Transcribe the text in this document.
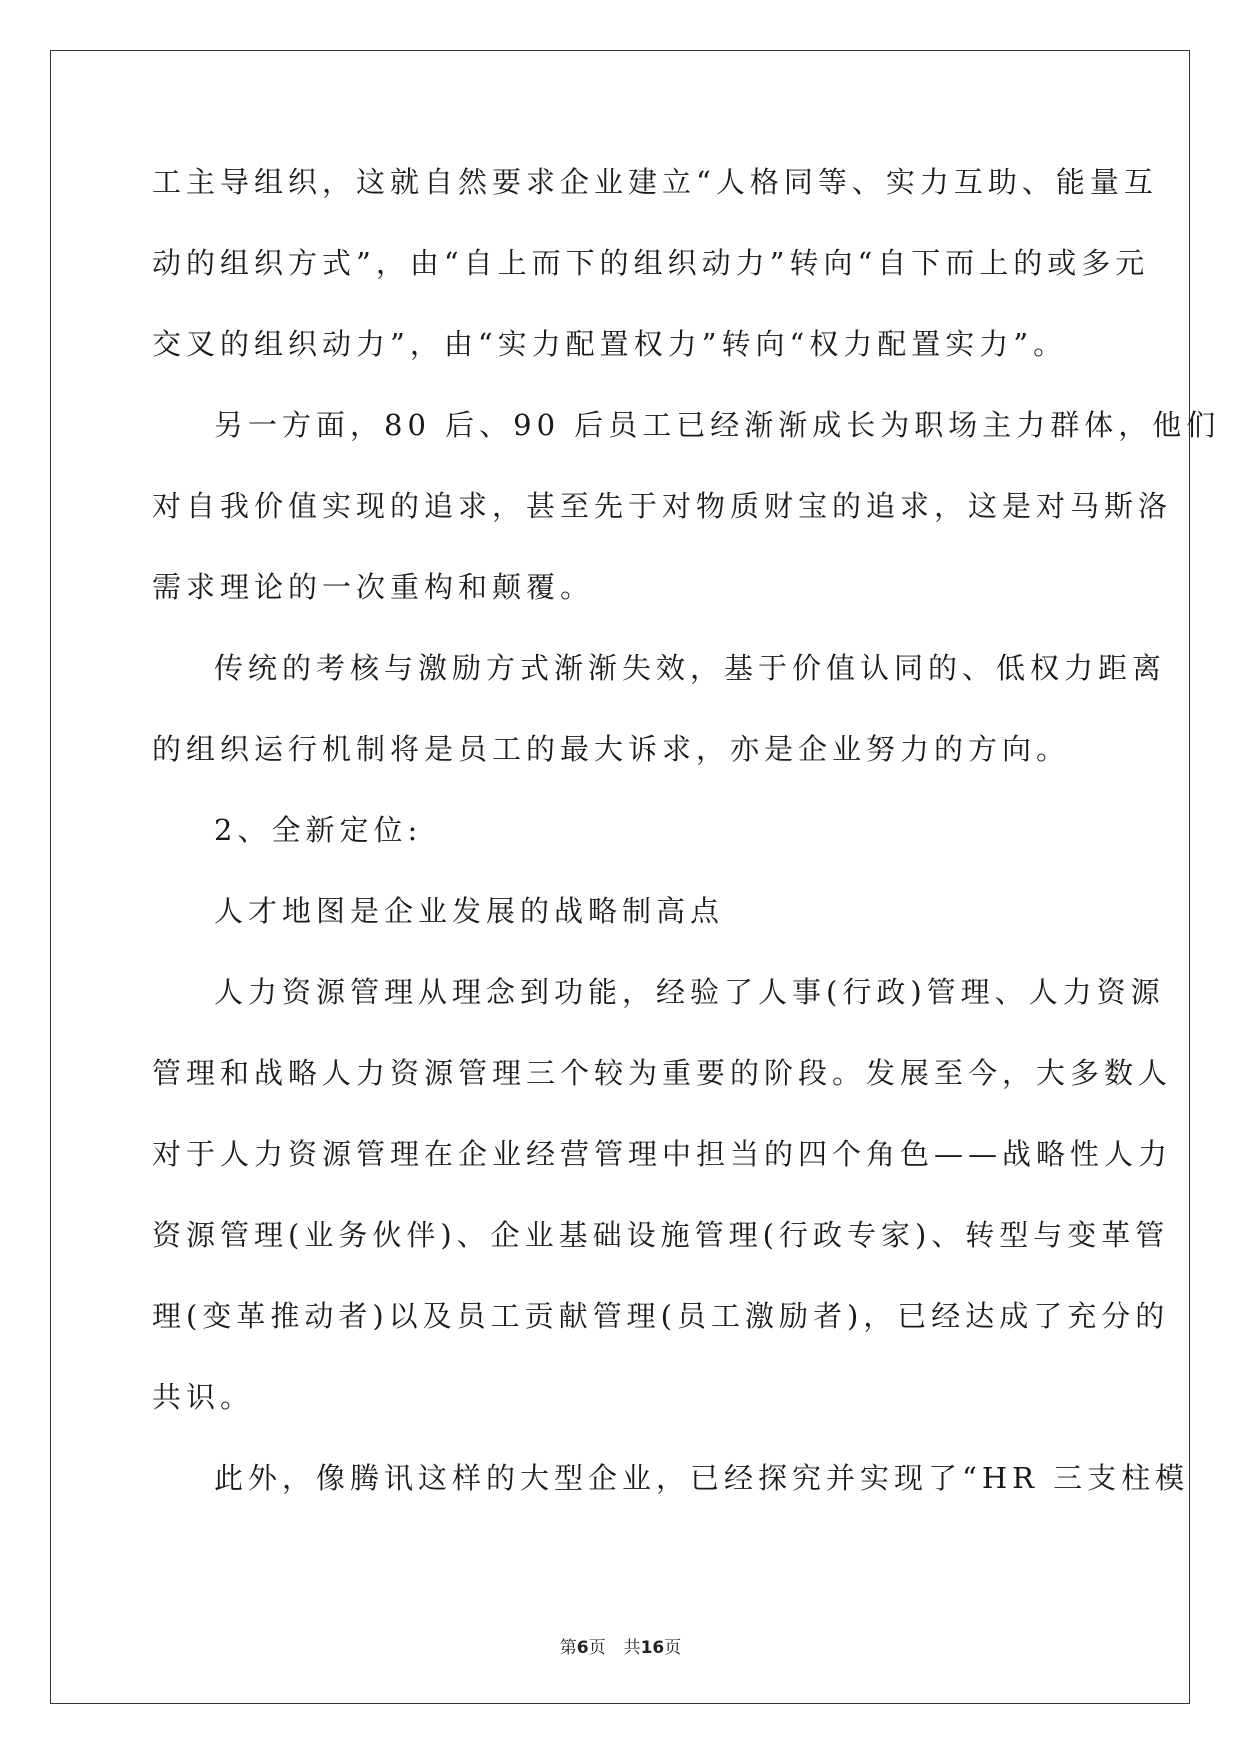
工主导组织，这就自然要求企业建立“人格同等、实力互助、能量互
动的组织方式”，由“自上而下的组织动力”转向“自下而上的或多元
交叉的组织动力”，由“实力配置权力”转向“权力配置实力”。
另一方面，80 后、90 后员工已经渐渐成长为职场主力群体，他们
对自我价值实现的追求，甚至先于对物质财宝的追求，这是对马斯洛
需求理论的一次重构和颠覆。
传统的考核与激励方式渐渐失效，基于价值认同的、低权力距离
的组织运行机制将是员工的最大诉求，亦是企业努力的方向。
2、全新定位:
人才地图是企业发展的战略制高点
人力资源管理从理念到功能，经验了人事(行政)管理、人力资源
管理和战略人力资源管理三个较为重要的阶段。发展至今，大多数人
对于人力资源管理在企业经营管理中担当的四个角色——战略性人力
资源管理(业务伙伴)、企业基础设施管理(行政专家)、转型与变革管
理(变革推动者)以及员工贡献管理(员工激励者)，已经达成了充分的
共识。
此外，像腾讯这样的大型企业，已经探究并实现了“HR 三支柱模
第6页 共16页
